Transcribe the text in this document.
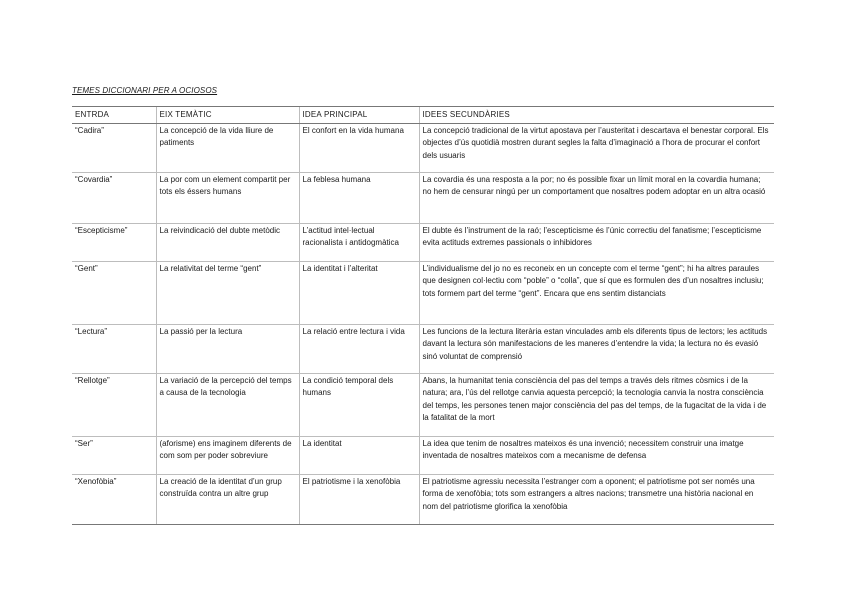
TEMES DICCIONARI PER A OCIOSOS
ENTRDA	EIX TEMÀTIC	IDEA PRINCIPAL	IDEES SECUNDÀRIES
“Cadira”	La concepció de la vida lliure de patiments	El confort en la vida humana	La concepció tradicional de la virtut apostava per l’austeritat i descartava el benestar corporal. Els objectes d’ús quotidià mostren durant segles la falta d’imaginació a l’hora de procurar el confort dels usuaris
“Covardia”	La por com un element compartit per tots els éssers humans	La feblesa humana	La covardia és una resposta a la por; no és possible fixar un límit moral en la covardia humana; no hem de censurar ningú per un comportament que nosaltres podem adoptar en un altra ocasió
“Escepticisme”	La reivindicació del dubte metòdic	L’actitud intel·lectual racionalista i antidogmàtica	El dubte és l’instrument de la raó; l’escepticisme és l’únic correctiu del fanatisme; l’escepticisme evita actituds extremes passionals o inhibidores
“Gent”	La relativitat del terme “gent”	La identitat i l’alteritat	L’individualisme del jo no es reconeix en un concepte com el terme “gent”; hi ha altres paraules que designen col·lectiu com “poble” o “colla”, que sí que es formulen des d’un nosaltres inclusiu; tots formem part del terme “gent”. Encara que ens sentim distanciats
“Lectura”	La passió per la lectura	La relació entre lectura i vida	Les funcions de la lectura literària estan vinculades amb els diferents tipus de lectors; les actituds davant la lectura són manifestacions de les maneres d’entendre la vida; la lectura no és evasió sinó voluntat de comprensió
“Rellotge”	La variació de la percepció del temps a causa de la tecnologia	La condició temporal dels humans	Abans, la humanitat tenia consciència del pas del temps a través dels ritmes còsmics i de la natura; ara, l’ús del rellotge canvia aquesta percepció; la tecnologia canvia la nostra consciència del temps, les persones tenen major consciència del pas del temps, de la fugacitat de la vida i de la fatalitat de la mort
“Ser”	(aforisme) ens imaginem diferents de com som per poder sobreviure	La identitat	La idea que tenim de nosaltres mateixos és una invenció; necessitem construir una imatge inventada de nosaltres mateixos com a mecanisme de defensa
“Xenofòbia”	La creació de la identitat d’un grup construïda contra un altre grup	El patriotisme i la xenofòbia	El patriotisme agressiu necessita l’estranger com a oponent; el patriotisme pot ser només una forma de xenofòbia; tots som estrangers a altres nacions; transmetre una història nacional en nom del patriotisme glorifica la xenofòbia
